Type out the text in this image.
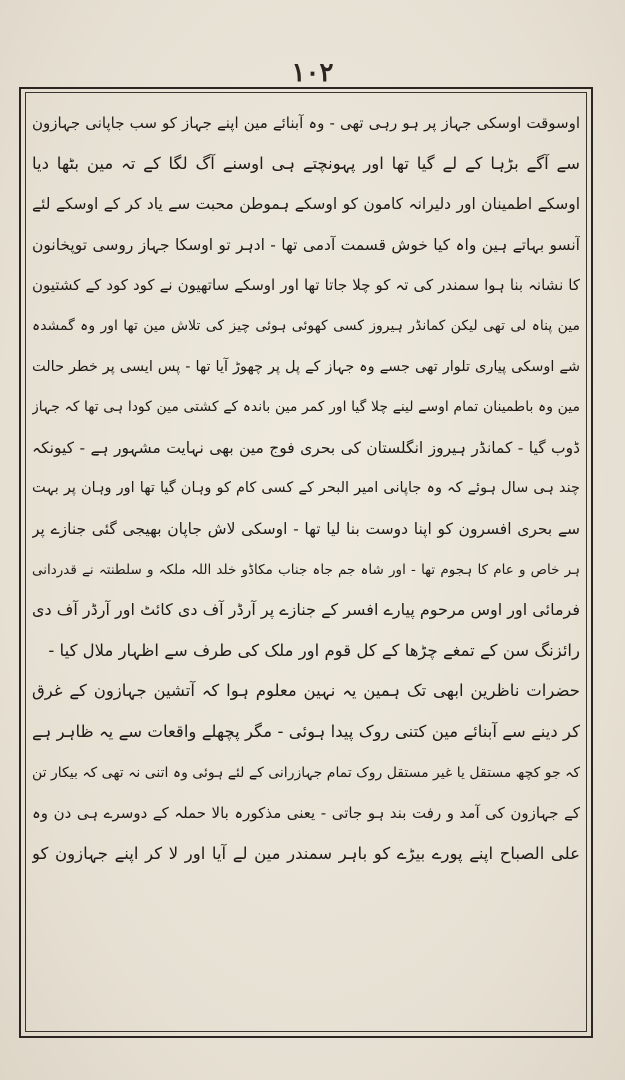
۱۰۲
اوسوقت اوسکی جہاز پر ہو رہی تھی - وہ آبنائے مین اپنے جہاز کو سب جاپانی جہازون
سے آگے بڑہا کے لے گیا تھا اور پہونچتے ہی اوسنے آگ لگا کے تہ مین بٹھا دیا
اوسکے اطمینان اور دلیرانہ کامون کو اوسکے ہموطن محبت سے یاد کر کے اوسکے لئے
آنسو بہاتے ہین واہ کیا خوش قسمت آدمی تھا - ادہر تو اوسکا جہاز روسی توپخانون
کا نشانہ بنا ہوا سمندر کی تہ کو چلا جاتا تھا اور اوسکے ساتھیون نے کود کود کے کشتیون
مین پناہ لی تھی لیکن کمانڈر ہیروز کسی کھوئی ہوئی چیز کی تلاش مین تھا اور وہ گمشدہ
شے اوسکی پیاری تلوار تھی جسے وہ جہاز کے پل پر چھوڑ آیا تھا - پس ایسی پر خطر حالت
مین وہ باطمینان تمام اوسے لینے چلا گیا اور کمر مین باندہ کے کشتی مین کودا ہی تھا کہ جہاز
ڈوب گیا - کمانڈر ہیروز انگلستان کی بحری فوج مین بھی نہایت مشہور ہے - کیونکہ
چند ہی سال ہوئے کہ وہ جاپانی امیر البحر کے کسی کام کو وہان گیا تھا اور وہان پر بہت
سے بحری افسرون کو اپنا دوست بنا لیا تھا - اوسکی لاش جاپان بھیجی گئی جنازے پر
ہر خاص و عام کا ہجوم تھا - اور شاہ جم جاہ جناب مکاڈو خلد اللہ ملکہ و سلطنتہ نے قدردانی
فرمائی اور اوس مرحوم پیارے افسر کے جنازے پر آرڈر آف دی کائٹ اور آرڈر آف دی
رائزنگ سن کے تمغے چڑھا کے کل قوم اور ملک کی طرف سے اظہار ملال کیا -
حضرات ناظرین ابھی تک ہمین یہ نہین معلوم ہوا کہ آتشین جہازون کے غرق
کر دینے سے آبنائے مین کتنی روک پیدا ہوئی - مگر پچھلے واقعات سے یہ ظاہر ہے
کہ جو کچھ مستقل یا غیر مستقل روک تمام جہازرانی کے لئے ہوئی وہ اتنی نہ تھی کہ بیکار تن
کے جہازون کی آمد و رفت بند ہو جاتی - یعنی مذکورہ بالا حملہ کے دوسرے ہی دن وہ
علی الصباح اپنے پورے بیڑے کو باہر سمندر مین لے آیا اور لا کر اپنے جہازون کو
